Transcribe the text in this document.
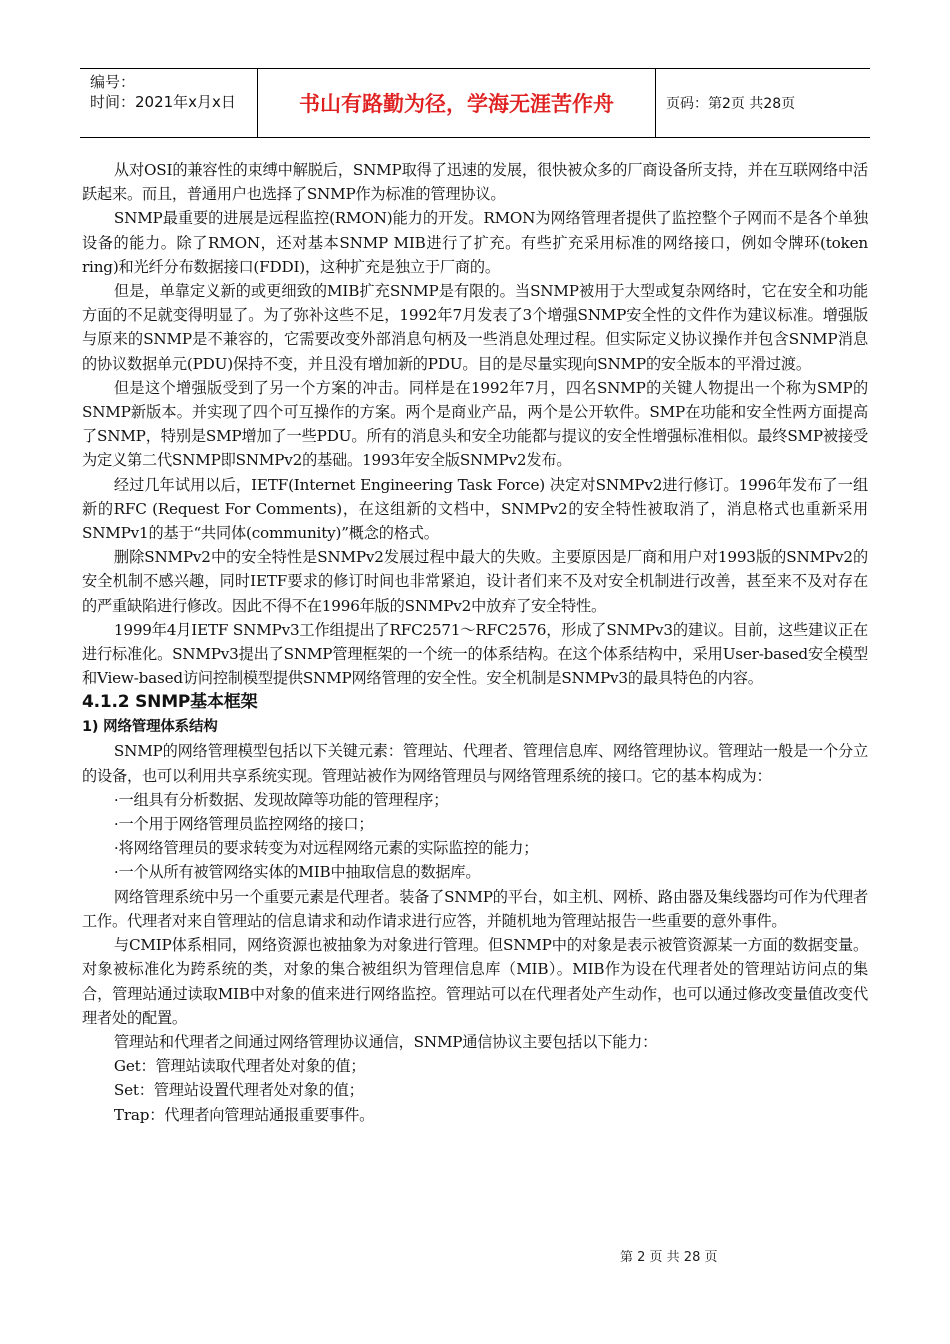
编号：
时间：2021年x月x日	书山有路勤为径，学海无涯苦作舟	页码：第2页 共28页

从对OSI的兼容性的束缚中解脱后，SNMP取得了迅速的发展，很快被众多的厂商设备所支持，并在互联网络中活跃起来。而且，普通用户也选择了SNMP作为标准的管理协议。

SNMP最重要的进展是远程监控(RMON)能力的开发。RMON为网络管理者提供了监控整个子网而不是各个单独设备的能力。除了RMON，还对基本SNMP MIB进行了扩充。有些扩充采用标准的网络接口，例如令牌环(token ring)和光纤分布数据接口(FDDI)，这种扩充是独立于厂商的。

但是，单靠定义新的或更细致的MIB扩充SNMP是有限的。当SNMP被用于大型或复杂网络时，它在安全和功能方面的不足就变得明显了。为了弥补这些不足，1992年7月发表了3个增强SNMP安全性的文件作为建议标准。增强版与原来的SNMP是不兼容的，它需要改变外部消息句柄及一些消息处理过程。但实际定义协议操作并包含SNMP消息的协议数据单元(PDU)保持不变，并且没有增加新的PDU。目的是尽量实现向SNMP的安全版本的平滑过渡。

但是这个增强版受到了另一个方案的冲击。同样是在1992年7月，四名SNMP的关键人物提出一个称为SMP的SNMP新版本。并实现了四个可互操作的方案。两个是商业产品，两个是公开软件。SMP在功能和安全性两方面提高了SNMP，特别是SMP增加了一些PDU。所有的消息头和安全功能都与提议的安全性增强标准相似。最终SMP被接受为定义第二代SNMP即SNMPv2的基础。1993年安全版SNMPv2发布。

经过几年试用以后，IETF(Internet Engineering Task Force) 决定对SNMPv2进行修订。1996年发布了一组新的RFC (Request For Comments)，在这组新的文档中，SNMPv2的安全特性被取消了，消息格式也重新采用SNMPv1的基于“共同体(community)”概念的格式。

删除SNMPv2中的安全特性是SNMPv2发展过程中最大的失败。主要原因是厂商和用户对1993版的SNMPv2的安全机制不感兴趣，同时IETF要求的修订时间也非常紧迫，设计者们来不及对安全机制进行改善，甚至来不及对存在的严重缺陷进行修改。因此不得不在1996年版的SNMPv2中放弃了安全特性。

1999年4月IETF SNMPv3工作组提出了RFC2571～RFC2576，形成了SNMPv3的建议。目前，这些建议正在进行标准化。SNMPv3提出了SNMP管理框架的一个统一的体系结构。在这个体系结构中，采用User-based安全模型和View-based访问控制模型提供SNMP网络管理的安全性。安全机制是SNMPv3的最具特色的内容。

4.1.2 SNMP基本框架
1) 网络管理体系结构

SNMP的网络管理模型包括以下关键元素：管理站、代理者、管理信息库、网络管理协议。管理站一般是一个分立的设备，也可以利用共享系统实现。管理站被作为网络管理员与网络管理系统的接口。它的基本构成为：

·一组具有分析数据、发现故障等功能的管理程序；

·一个用于网络管理员监控网络的接口；

·将网络管理员的要求转变为对远程网络元素的实际监控的能力；

·一个从所有被管网络实体的MIB中抽取信息的数据库。

网络管理系统中另一个重要元素是代理者。装备了SNMP的平台，如主机、网桥、路由器及集线器均可作为代理者工作。代理者对来自管理站的信息请求和动作请求进行应答，并随机地为管理站报告一些重要的意外事件。

与CMIP体系相同，网络资源也被抽象为对象进行管理。但SNMP中的对象是表示被管资源某一方面的数据变量。对象被标准化为跨系统的类，对象的集合被组织为管理信息库（MIB）。MIB作为设在代理者处的管理站访问点的集合，管理站通过读取MIB中对象的值来进行网络监控。管理站可以在代理者处产生动作，也可以通过修改变量值改变代理者处的配置。

管理站和代理者之间通过网络管理协议通信，SNMP通信协议主要包括以下能力：

Get：管理站读取代理者处对象的值；

Set：管理站设置代理者处对象的值；

Trap：代理者向管理站通报重要事件。

第 2 页 共 28 页
